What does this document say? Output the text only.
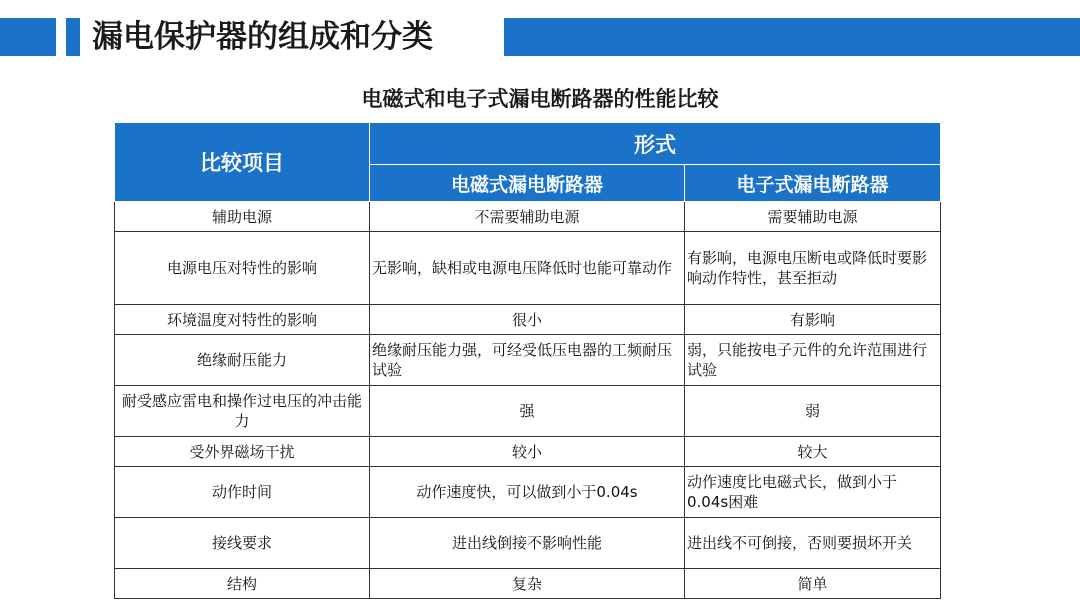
漏电保护器的组成和分类
电磁式和电子式漏电断路器的性能比较
比较项目	形式	
	电磁式漏电断路器	电子式漏电断路器
辅助电源	不需要辅助电源	需要辅助电源
电源电压对特性的影响	无影响，缺相或电源电压降低时也能可靠动作	有影响，电源电压断电或降低时要影响动作特性，甚至拒动
环境温度对特性的影响	很小	有影响
绝缘耐压能力	绝缘耐压能力强，可经受低压电器的工频耐压试验	弱，只能按电子元件的允许范围进行试验
耐受感应雷电和操作过电压的冲击能力	强	弱
受外界磁场干扰	较小	较大
动作时间	动作速度快，可以做到小于0.04s	动作速度比电磁式长，做到小于0.04s困难
接线要求	进出线倒接不影响性能	进出线不可倒接，否则要损坏开关
结构	复杂	简单
